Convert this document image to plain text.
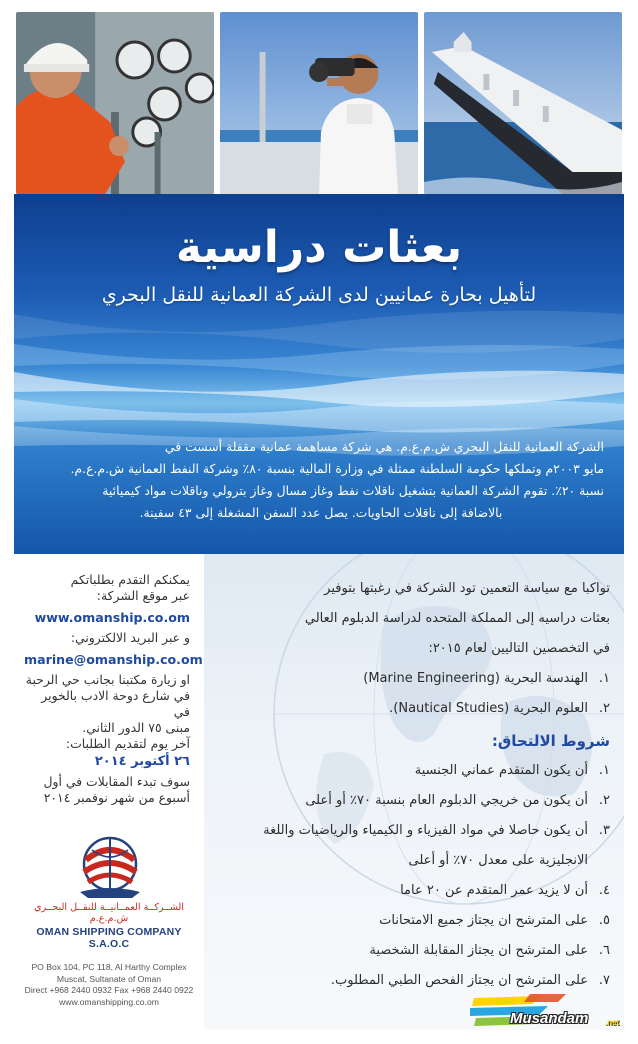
بعثات دراسية
لتأهيل بحارة عمانيين لدى الشركة العمانية للنقل البحري
الشركة العمانية للنقل البحري ش.م.ع.م. هي شركة مساهمة عمانية مقفلة أسست في
مايو ٢٠٠٣م وتملكها حكومة السلطنة ممثلة في وزارة المالية بنسبة ٨٠٪ وشركة النفط العمانية ش.م.ع.م.
نسبة ٢٠٪. تقوم الشركة العمانية بتشغيل ناقلات نفط وغاز مسال وغاز بترولي وناقلات مواد كيميائية
بالاضافة إلى ناقلات الحاويات. يصل عدد السفن المشغلة إلى ٤٣ سفينة.
يمكنكم التقدم بطلباتكم
عبر موقع الشركة:
www.omanship.co.om
و عبر البريد الالكتروني:
marine@omanship.co.om
او زيارة مكتبنا بجانب حي الرحبة
في شارع دوحة الادب بالخوير في
مبنى ٧٥ الدور الثاني.
آخر يوم لتقديم الطلبات:
٢٦ أكتوبر ٢٠١٤
سوف تبدء المقابلات في أول
أسبوع من شهر نوفمبر ٢٠١٤
الشــركــة العمــانيــة للنقــل البحــري ش.م.ع.م
OMAN SHIPPING COMPANY S.A.O.C
PO Box 104, PC 118, Al Harthy Complex
Muscat, Sultanate of Oman
Direct +968 2440 0932 Fax +968 2440 0922
www.omanshipping.co.om
تواكبا مع سياسة التعمين تود الشركة في رغبتها بتوفير
بعثات دراسيه إلى المملكة المتحده لدراسة الدبلوم العالي
في التخصصين التاليين لعام ٢٠١٥:
١.
الهندسة البحرية (Marine Engineering)
٢.
العلوم البحرية (Nautical Studies).
شروط الالتحاق:
١.
أن يكون المتقدم عماني الجنسية
٢.
أن يكون من خريجي الدبلوم العام بنسبة ٧٠٪ أو أعلى
٣.
أن يكون حاصلا في مواد الفيزياء و الكيمياء والرياضيات واللغة
الانجليزية على معدل ٧٠٪ أو أعلى
٤.
أن لا يزيد عمر المتقدم عن ٢٠ عاما
٥.
على المترشح ان يجتاز جميع الامتحانات
٦.
على المترشح ان يجتاز المقابلة الشخصية
٧.
على المترشح ان يجتاز الفحص الطبي المطلوب.
Musandam .net
